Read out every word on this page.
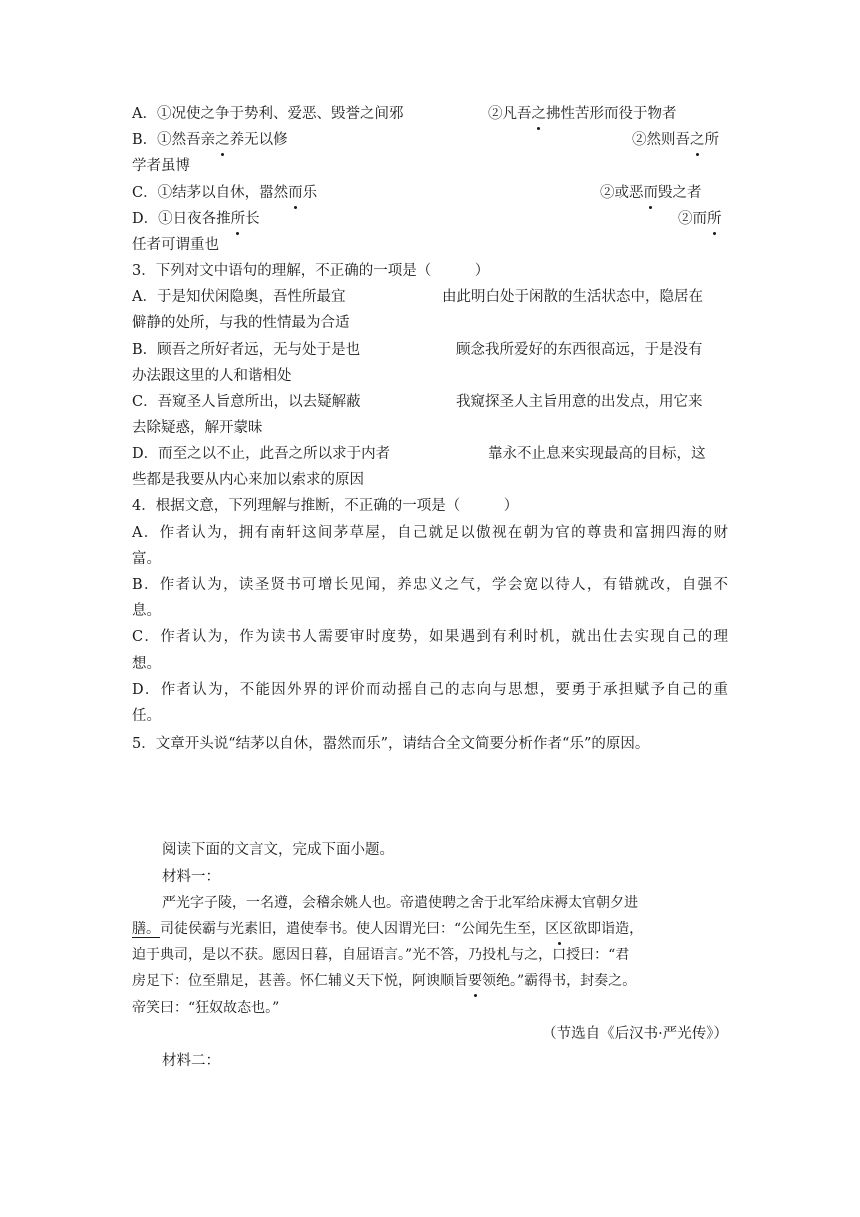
A．①况使之争于势利、爱恶、毁誉之间邪	②凡吾之拂性苦形而役于物者
B．①然吾亲之养无以修	②然则吾之所
学者虽博
C．①结茅以自休，嚣然而乐	②或恶而毁之者
D．①日夜各推所长	②而所
任者可谓重也
3．下列对文中语句的理解，不正确的一项是（　　　）
A．于是知伏闲隐奥，吾性所最宜	由此明白处于闲散的生活状态中，隐居在
僻静的处所，与我的性情最为合适
B．顾吾之所好者远，无与处于是也	顾念我所爱好的东西很高远，于是没有
办法跟这里的人和谐相处
C．吾窥圣人旨意所出，以去疑解蔽	我窥探圣人主旨用意的出发点，用它来
去除疑惑，解开蒙昧
D．而至之以不止，此吾之所以求于内者	靠永不止息来实现最高的目标，这
些都是我要从内心来加以索求的原因
4．根据文意，下列理解与推断，不正确的一项是（　　　）
A．作者认为，拥有南轩这间茅草屋，自己就足以傲视在朝为官的尊贵和富拥四海的财
富。
B．作者认为，读圣贤书可增长见闻，养忠义之气，学会宽以待人，有错就改，自强不
息。
C．作者认为，作为读书人需要审时度势，如果遇到有利时机，就出仕去实现自己的理
想。
D．作者认为，不能因外界的评价而动摇自己的志向与思想，要勇于承担赋予自己的重
任。
5．文章开头说“结茅以自休，嚣然而乐”，请结合全文简要分析作者“乐”的原因。
阅读下面的文言文，完成下面小题。
材料一：
严光字子陵，一名遵，会稽余姚人也。帝遣使聘之舍于北军给床褥太官朝夕进
膳。司徒侯霸与光素旧，遣使奉书。使人因谓光曰：“公闻先生至，区区欲即诣造，
迫于典司，是以不获。愿因日暮，自屈语言。”光不答，乃投札与之，口授曰：“君
房足下：位至鼎足，甚善。怀仁辅义天下悦，阿谀顺旨要领绝。”霸得书，封奏之。
帝笑曰：“狂奴故态也。”
（节选自《后汉书·严光传》）
材料二：
